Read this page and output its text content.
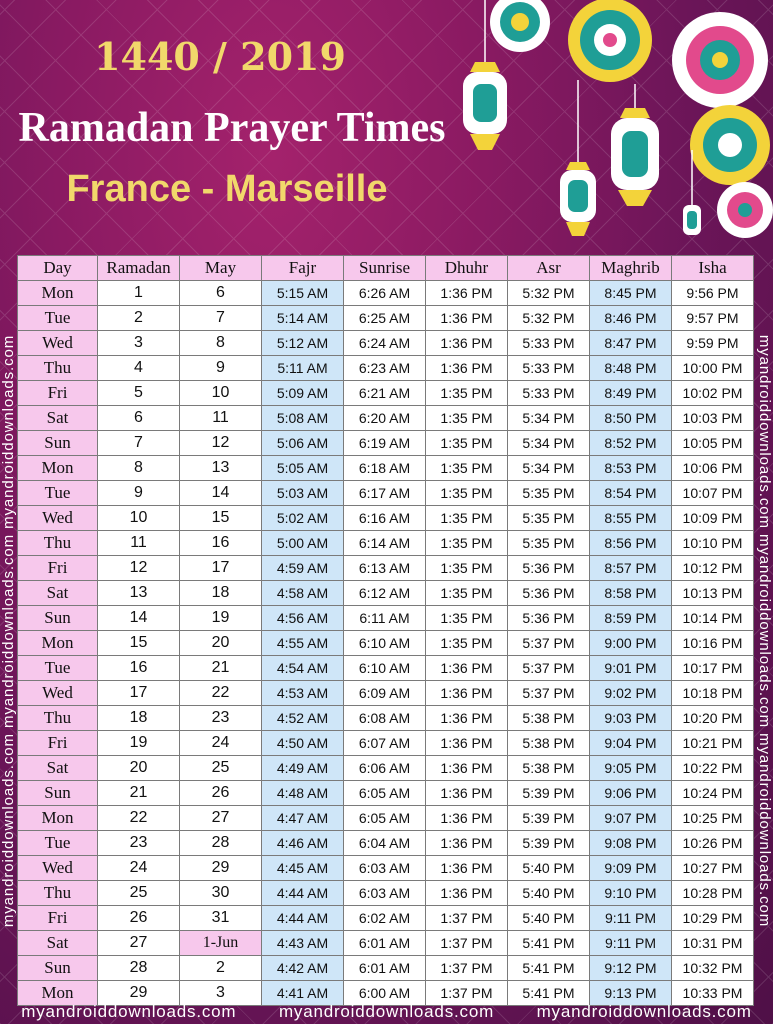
1440 / 2019
Ramadan Prayer Times
France - Marseille
myandroiddownloads.com myandroiddownloads.com myandroiddownloads.com	myandroiddownloads.com myandroiddownloads.com myandroiddownloads.com
Day	Ramadan	May	Fajr	Sunrise	Dhuhr	Asr	Maghrib	Isha
Mon	1	6	5:15 AM	6:26 AM	1:36 PM	5:32 PM	8:45 PM	9:56 PM
Tue	2	7	5:14 AM	6:25 AM	1:36 PM	5:32 PM	8:46 PM	9:57 PM
Wed	3	8	5:12 AM	6:24 AM	1:36 PM	5:33 PM	8:47 PM	9:59 PM
Thu	4	9	5:11 AM	6:23 AM	1:36 PM	5:33 PM	8:48 PM	10:00 PM
Fri	5	10	5:09 AM	6:21 AM	1:35 PM	5:33 PM	8:49 PM	10:02 PM
Sat	6	11	5:08 AM	6:20 AM	1:35 PM	5:34 PM	8:50 PM	10:03 PM
Sun	7	12	5:06 AM	6:19 AM	1:35 PM	5:34 PM	8:52 PM	10:05 PM
Mon	8	13	5:05 AM	6:18 AM	1:35 PM	5:34 PM	8:53 PM	10:06 PM
Tue	9	14	5:03 AM	6:17 AM	1:35 PM	5:35 PM	8:54 PM	10:07 PM
Wed	10	15	5:02 AM	6:16 AM	1:35 PM	5:35 PM	8:55 PM	10:09 PM
Thu	11	16	5:00 AM	6:14 AM	1:35 PM	5:35 PM	8:56 PM	10:10 PM
Fri	12	17	4:59 AM	6:13 AM	1:35 PM	5:36 PM	8:57 PM	10:12 PM
Sat	13	18	4:58 AM	6:12 AM	1:35 PM	5:36 PM	8:58 PM	10:13 PM
Sun	14	19	4:56 AM	6:11 AM	1:35 PM	5:36 PM	8:59 PM	10:14 PM
Mon	15	20	4:55 AM	6:10 AM	1:35 PM	5:37 PM	9:00 PM	10:16 PM
Tue	16	21	4:54 AM	6:10 AM	1:36 PM	5:37 PM	9:01 PM	10:17 PM
Wed	17	22	4:53 AM	6:09 AM	1:36 PM	5:37 PM	9:02 PM	10:18 PM
Thu	18	23	4:52 AM	6:08 AM	1:36 PM	5:38 PM	9:03 PM	10:20 PM
Fri	19	24	4:50 AM	6:07 AM	1:36 PM	5:38 PM	9:04 PM	10:21 PM
Sat	20	25	4:49 AM	6:06 AM	1:36 PM	5:38 PM	9:05 PM	10:22 PM
Sun	21	26	4:48 AM	6:05 AM	1:36 PM	5:39 PM	9:06 PM	10:24 PM
Mon	22	27	4:47 AM	6:05 AM	1:36 PM	5:39 PM	9:07 PM	10:25 PM
Tue	23	28	4:46 AM	6:04 AM	1:36 PM	5:39 PM	9:08 PM	10:26 PM
Wed	24	29	4:45 AM	6:03 AM	1:36 PM	5:40 PM	9:09 PM	10:27 PM
Thu	25	30	4:44 AM	6:03 AM	1:36 PM	5:40 PM	9:10 PM	10:28 PM
Fri	26	31	4:44 AM	6:02 AM	1:37 PM	5:40 PM	9:11 PM	10:29 PM
Sat	27	1-Jun	4:43 AM	6:01 AM	1:37 PM	5:41 PM	9:11 PM	10:31 PM
Sun	28	2	4:42 AM	6:01 AM	1:37 PM	5:41 PM	9:12 PM	10:32 PM
Mon	29	3	4:41 AM	6:00 AM	1:37 PM	5:41 PM	9:13 PM	10:33 PM
myandroiddownloads.com	myandroiddownloads.com	myandroiddownloads.com
